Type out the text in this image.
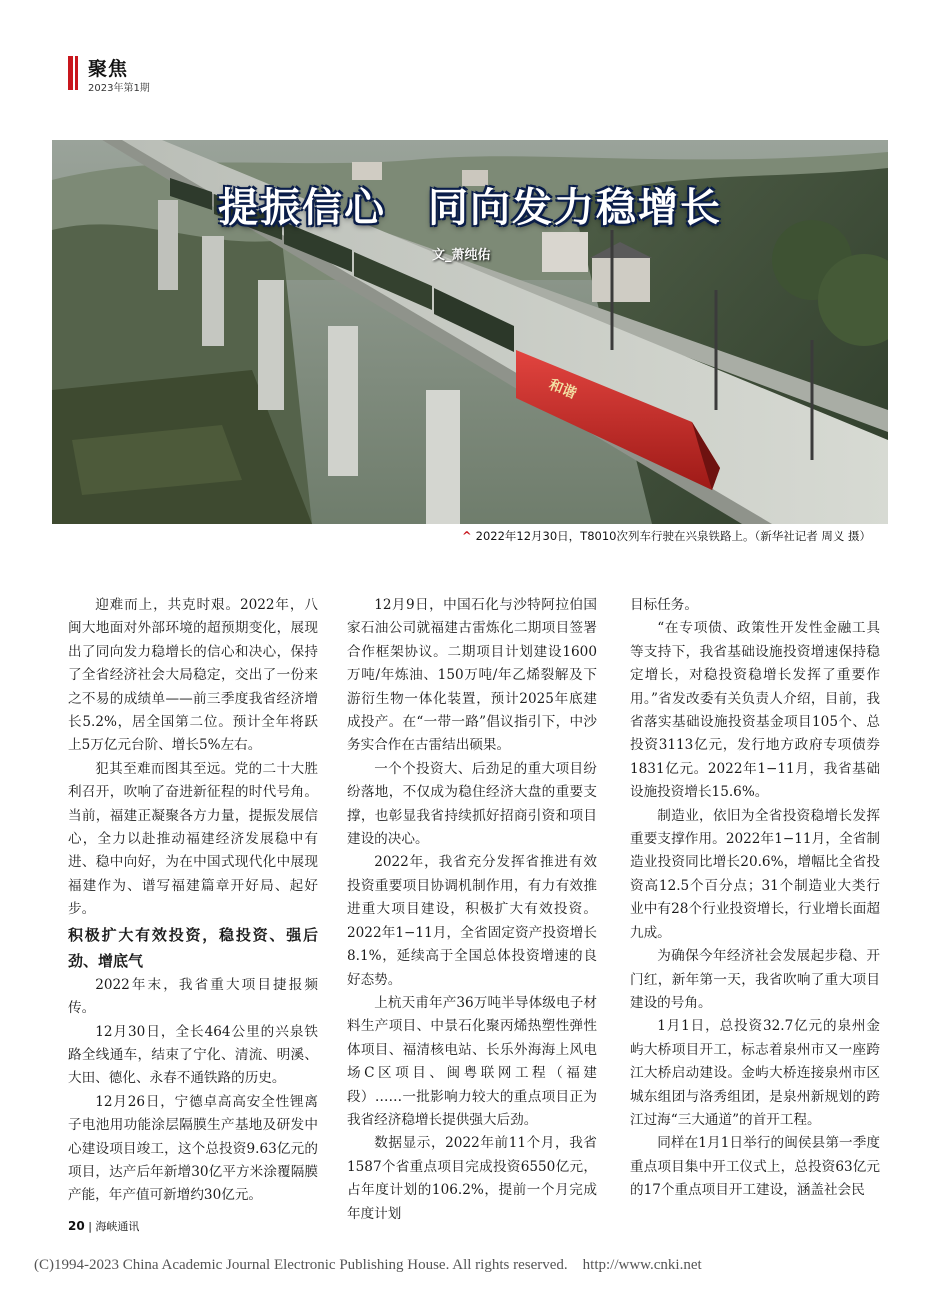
聚焦
2023年第1期
和谐
提振信心　同向发力稳增长
文_萧纯佑
^ 2022年12月30日，T8010次列车行驶在兴泉铁路上。（新华社记者 周义 摄）

迎难而上，共克时艰。2022年，八闽大地面对外部环境的超预期变化，展现出了同向发力稳增长的信心和决心，保持了全省经济社会大局稳定，交出了一份来之不易的成绩单——前三季度我省经济增长5.2%，居全国第二位。预计全年将跃上5万亿元台阶、增长5%左右。

犯其至难而图其至远。党的二十大胜利召开，吹响了奋进新征程的时代号角。当前，福建正凝聚各方力量，提振发展信心，全力以赴推动福建经济发展稳中有进、稳中向好，为在中国式现代化中展现福建作为、谱写福建篇章开好局、起好步。

积极扩大有效投资，稳投资、强后劲、增底气

2022年末，我省重大项目捷报频传。

12月30日，全长464公里的兴泉铁路全线通车，结束了宁化、清流、明溪、大田、德化、永春不通铁路的历史。

12月26日，宁德卓高高安全性锂离子电池用功能涂层隔膜生产基地及研发中心建设项目竣工，这个总投资9.63亿元的项目，达产后年新增30亿平方米涂覆隔膜产能，年产值可新增约30亿元。

12月9日，中国石化与沙特阿拉伯国家石油公司就福建古雷炼化二期项目签署合作框架协议。二期项目计划建设1600万吨/年炼油、150万吨/年乙烯裂解及下游衍生物一体化装置，预计2025年底建成投产。在“一带一路”倡议指引下，中沙务实合作在古雷结出硕果。

一个个投资大、后劲足的重大项目纷纷落地，不仅成为稳住经济大盘的重要支撑，也彰显我省持续抓好招商引资和项目建设的决心。

2022年，我省充分发挥省推进有效投资重要项目协调机制作用，有力有效推进重大项目建设，积极扩大有效投资。2022年1−11月，全省固定资产投资增长8.1%，延续高于全国总体投资增速的良好态势。

上杭天甫年产36万吨半导体级电子材料生产项目、中景石化聚丙烯热塑性弹性体项目、福清核电站、长乐外海海上风电场C区项目、闽粤联网工程（福建段）……一批影响力较大的重点项目正为我省经济稳增长提供强大后劲。

数据显示，2022年前11个月，我省1587个省重点项目完成投资6550亿元，占年度计划的106.2%，提前一个月完成年度计划

目标任务。

“在专项债、政策性开发性金融工具等支持下，我省基础设施投资增速保持稳定增长，对稳投资稳增长发挥了重要作用。”省发改委有关负责人介绍，目前，我省落实基础设施投资基金项目105个、总投资3113亿元，发行地方政府专项债券1831亿元。2022年1−11月，我省基础设施投资增长15.6%。

制造业，依旧为全省投资稳增长发挥重要支撑作用。2022年1−11月，全省制造业投资同比增长20.6%，增幅比全省投资高12.5个百分点；31个制造业大类行业中有28个行业投资增长，行业增长面超九成。

为确保今年经济社会发展起步稳、开门红，新年第一天，我省吹响了重大项目建设的号角。

1月1日，总投资32.7亿元的泉州金屿大桥项目开工，标志着泉州市又一座跨江大桥启动建设。金屿大桥连接泉州市区城东组团与洛秀组团，是泉州新规划的跨江过海“三大通道”的首开工程。

同样在1月1日举行的闽侯县第一季度重点项目集中开工仪式上，总投资63亿元的17个重点项目开工建设，涵盖社会民

20 | 海峡通讯
(C)1994-2023 China Academic Journal Electronic Publishing House. All rights reserved.　http://www.cnki.net
